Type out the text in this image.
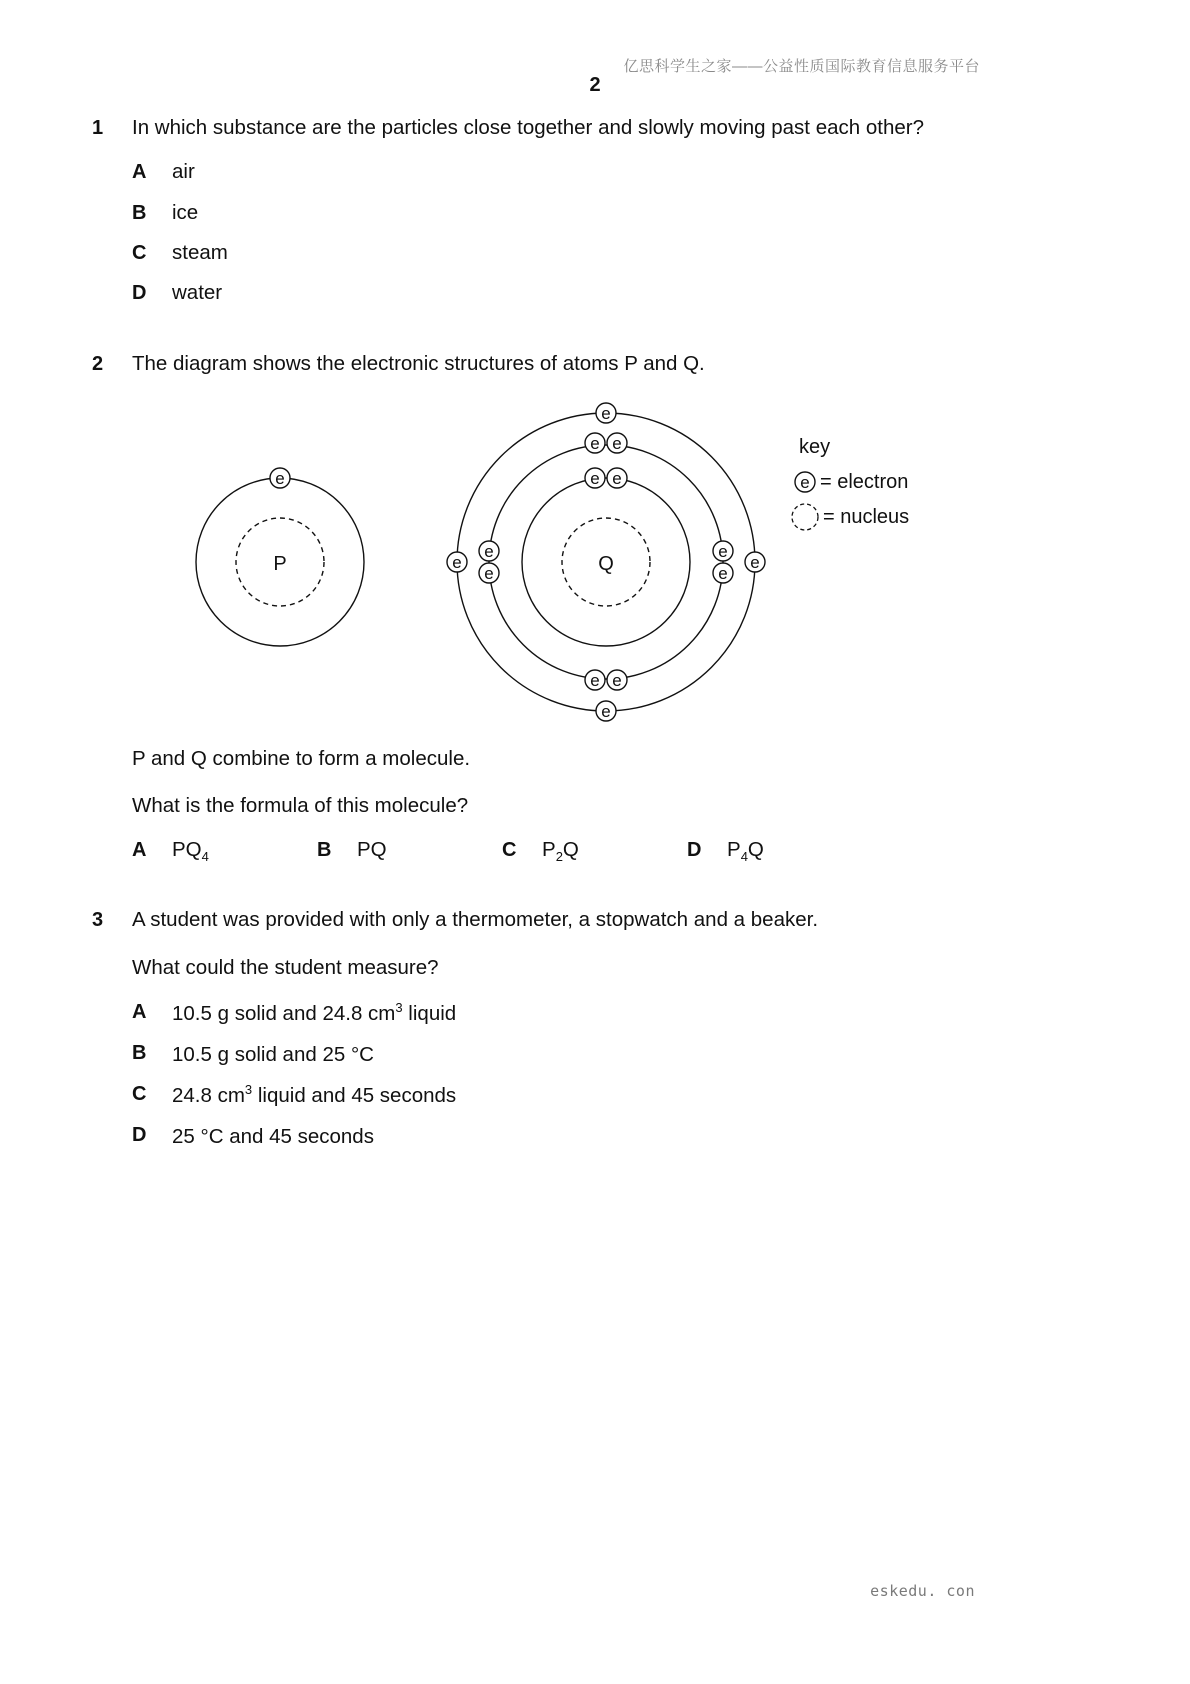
亿思科学生之家——公益性质国际教育信息服务平台
2
1 In which substance are the particles close together and slowly moving past each other?
A air
B ice
C steam
D water
2 The diagram shows the electronic structures of atoms P and Q.
P	Q
e	e e
e e
e e
e
e
e
e
e
e
e	e
key
e = electron
= nucleus
P and Q combine to form a molecule.
What is the formula of this molecule?
A $PQ_4$	B PQ	C $P_2Q$	D $P_4Q$
3 A student was provided with only a thermometer, a stopwatch and a beaker.
What could the student measure?
A 10.5 g solid and 24.8 $cm^3$ liquid
B 10.5 g solid and 25 °C
C 24.8 $cm^3$ liquid and 45 seconds
D 25 °C and 45 seconds
eskedu. con
